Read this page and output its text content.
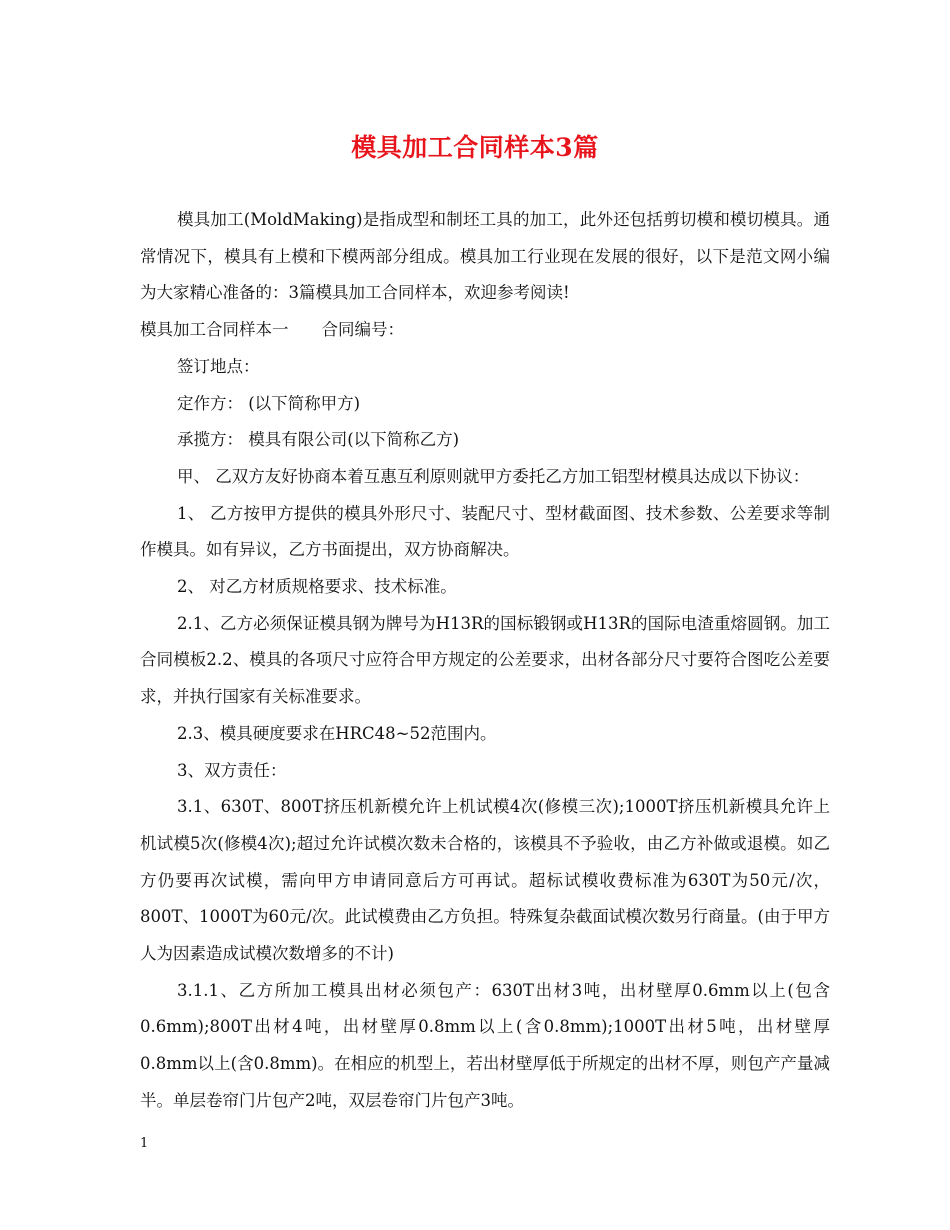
模具加工合同样本3篇

模具加工(MoldMaking)是指成型和制坯工具的加工，此外还包括剪切模和模切模具。通常情况下，模具有上模和下模两部分组成。模具加工行业现在发展的很好，以下是范文网小编为大家精心准备的：3篇模具加工合同样本，欢迎参考阅读!

模具加工合同样本一　　合同编号：

签订地点：

定作方： (以下简称甲方)

承揽方： 模具有限公司(以下简称乙方)

甲、 乙双方友好协商本着互惠互利原则就甲方委托乙方加工铝型材模具达成以下协议：

1、 乙方按甲方提供的模具外形尺寸、装配尺寸、型材截面图、技术参数、公差要求等制作模具。如有异议，乙方书面提出，双方协商解决。

2、 对乙方材质规格要求、技术标准。

2.1、乙方必须保证模具钢为牌号为H13R的国标锻钢或H13R的国际电渣重熔圆钢。加工合同模板2.2、模具的各项尺寸应符合甲方规定的公差要求，出材各部分尺寸要符合图吃公差要求，并执行国家有关标准要求。

2.3、模具硬度要求在HRC48~52范围内。

3、双方责任：

3.1、630T、800T挤压机新模允许上机试模4次(修模三次);1000T挤压机新模具允许上机试模5次(修模4次);超过允许试模次数未合格的，该模具不予验收，由乙方补做或退模。如乙方仍要再次试模，需向甲方申请同意后方可再试。超标试模收费标准为630T为50元/次，800T、1000T为60元/次。此试模费由乙方负担。特殊复杂截面试模次数另行商量。(由于甲方人为因素造成试模次数增多的不计)

3.1.1、乙方所加工模具出材必须包产：630T出材3吨，出材壁厚0.6mm以上(包含0.6mm);800T出材4吨，出材壁厚0.8mm以上(含0.8mm);1000T出材5吨，出材壁厚0.8mm以上(含0.8mm)。在相应的机型上，若出材壁厚低于所规定的出材不厚，则包产产量减半。单层卷帘门片包产2吨，双层卷帘门片包产3吨。

1
